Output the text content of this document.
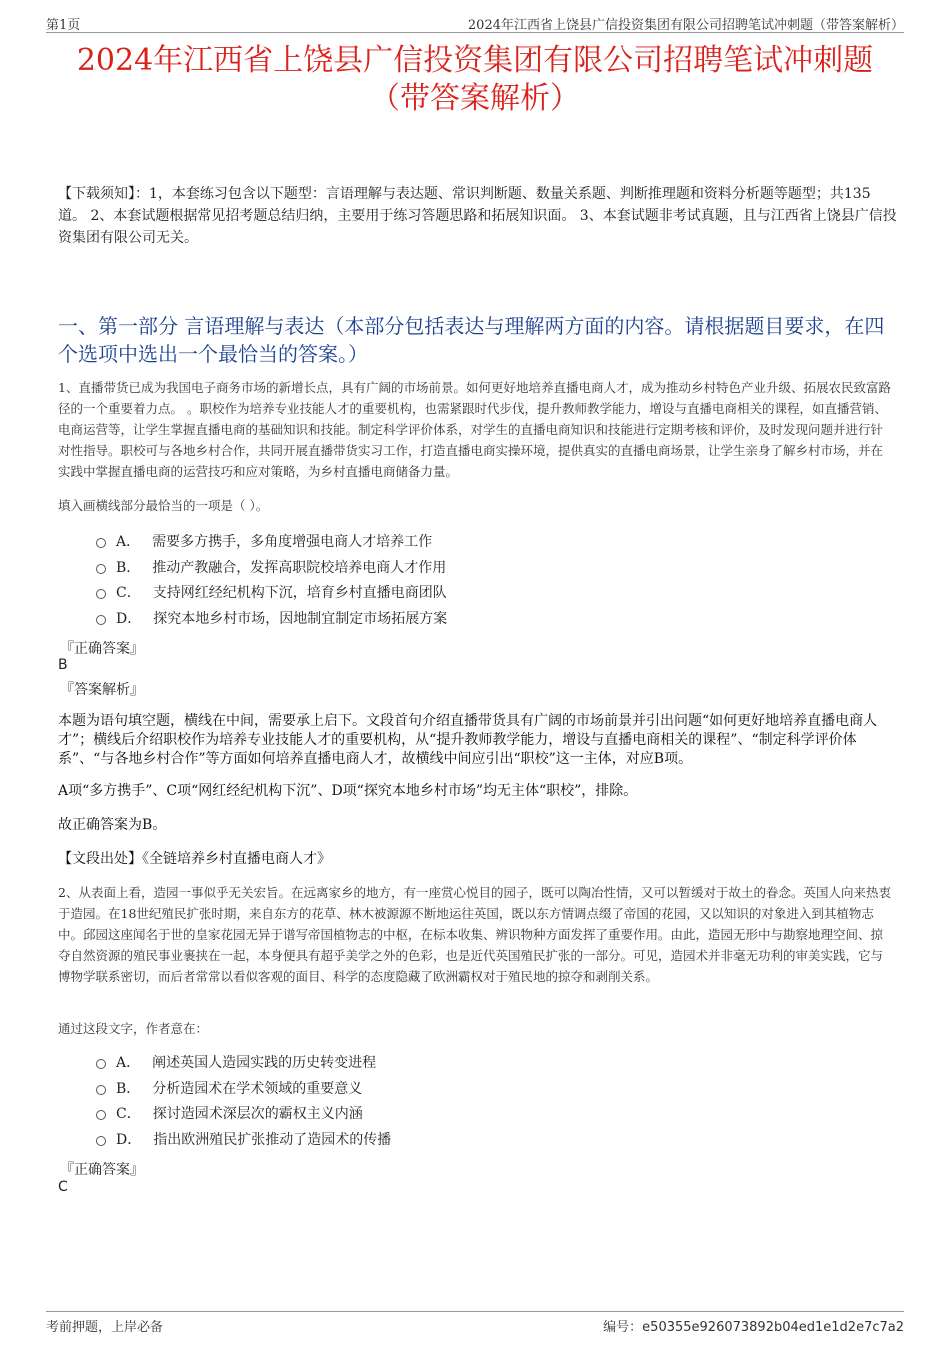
第1页	2024年江西省上饶县广信投资集团有限公司招聘笔试冲刺题（带答案解析）
2024年江西省上饶县广信投资集团有限公司招聘笔试冲刺题
（带答案解析）
【下载须知】：1，本套练习包含以下题型：言语理解与表达题、常识判断题、数量关系题、判断推理题和资料分析题等题型；共135道。 2、本套试题根据常见招考题总结归纳，主要用于练习答题思路和拓展知识面。 3、本套试题非考试真题，且与江西省上饶县广信投资集团有限公司无关。
一、第一部分 言语理解与表达（本部分包括表达与理解两方面的内容。请根据题目要求，在四个选项中选出一个最恰当的答案。）
1、直播带货已成为我国电子商务市场的新增长点，具有广阔的市场前景。如何更好地培养直播电商人才，成为推动乡村特色产业升级、拓展农民致富路径的一个重要着力点。 。职校作为培养专业技能人才的重要机构，也需紧跟时代步伐，提升教师教学能力，增设与直播电商相关的课程，如直播营销、电商运营等，让学生掌握直播电商的基础知识和技能。制定科学评价体系，对学生的直播电商知识和技能进行定期考核和评价，及时发现问题并进行针对性指导。职校可与各地乡村合作，共同开展直播带货实习工作，打造直播电商实操环境，提供真实的直播电商场景，让学生亲身了解乡村市场，并在实践中掌握直播电商的运营技巧和应对策略，为乡村直播电商储备力量。
填入画横线部分最恰当的一项是（ ）。
A． 需要多方携手，多角度增强电商人才培养工作
B． 推动产教融合，发挥高职院校培养电商人才作用
C． 支持网红经纪机构下沉，培育乡村直播电商团队
D． 探究本地乡村市场，因地制宜制定市场拓展方案
『正确答案』
B
『答案解析』
本题为语句填空题，横线在中间，需要承上启下。文段首句介绍直播带货具有广阔的市场前景并引出问题“如何更好地培养直播电商人才”；横线后介绍职校作为培养专业技能人才的重要机构，从“提升教师教学能力，增设与直播电商相关的课程”、“制定科学评价体系”、“与各地乡村合作”等方面如何培养直播电商人才，故横线中间应引出“职校”这一主体，对应B项。
A项“多方携手”、C项“网红经纪机构下沉”、D项“探究本地乡村市场”均无主体“职校”，排除。
故正确答案为B。
【文段出处】《全链培养乡村直播电商人才》
2、从表面上看，造园一事似乎无关宏旨。在远离家乡的地方，有一座赏心悦目的园子，既可以陶冶性情，又可以暂缓对于故土的眷念。英国人向来热衷于造园。在18世纪殖民扩张时期，来自东方的花草、林木被源源不断地运往英国，既以东方情调点缀了帝国的花园，又以知识的对象进入到其植物志中。邱园这座闻名于世的皇家花园无异于谱写帝国植物志的中枢，在标本收集、辨识物种方面发挥了重要作用。由此，造园无形中与勘察地理空间、掠夺自然资源的殖民事业裹挟在一起，本身便具有超乎美学之外的色彩，也是近代英国殖民扩张的一部分。可见，造园术并非毫无功利的审美实践，它与博物学联系密切，而后者常常以看似客观的面目、科学的态度隐藏了欧洲霸权对于殖民地的掠夺和剥削关系。
通过这段文字，作者意在：
A． 阐述英国人造园实践的历史转变进程
B． 分析造园术在学术领域的重要意义
C． 探讨造园术深层次的霸权主义内涵
D． 指出欧洲殖民扩张推动了造园术的传播
『正确答案』
C
考前押题，上岸必备	编号：e50355e926073892b04ed1e1d2e7c7a2
